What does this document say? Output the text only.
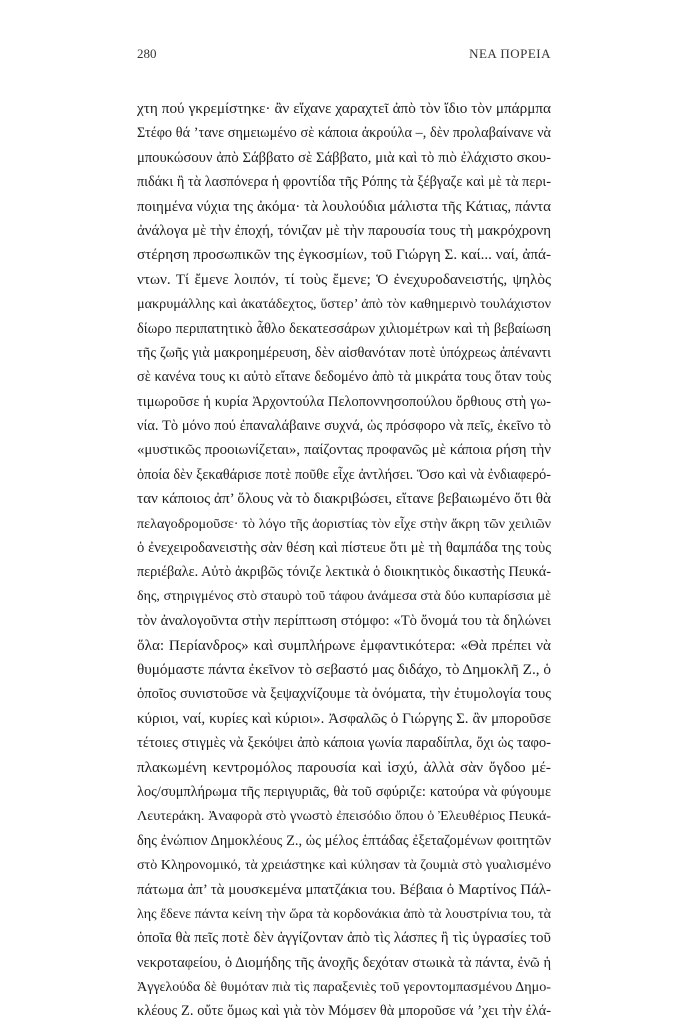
280	ΝΕΑ ΠΟΡΕΙΑ
χτη πού γκρεμίστηκε· ἂν εἴχανε χαραχτεῖ ἀπὸ τὸν ἴδιο τὸν μπάρμπα
Στέφο θά ’τανε σημειωμένο σὲ κάποια ἀκρούλα –, δὲν προλαβαίνανε νὰ
μπουκώσουν ἀπὸ Σάββατο σὲ Σάββατο, μιὰ καὶ τὸ πιὸ ἐλάχιστο σκου-
πιδάκι ἢ τὰ λασπόνερα ἡ φροντίδα τῆς Ρόπης τὰ ξέβγαζε καὶ μὲ τὰ περι-
ποιημένα νύχια της ἀκόμα· τὰ λουλούδια μάλιστα τῆς Κάτιας, πάντα
ἀνάλογα μὲ τὴν ἐποχή, τόνιζαν μὲ τὴν παρουσία τους τὴ μακρόχρονη
στέρηση προσωπικῶν της ἐγκοσμίων, τοῦ Γιώργη Σ. καί... ναί, ἀπά-
ντων. Τί ἔμενε λοιπόν, τί τοὺς ἔμενε; Ὁ ἐνεχυροδανειστής, ψηλὸς
μακρυμάλλης καὶ ἀκατάδεχτος, ὕστερ’ ἀπὸ τὸν καθημερινὸ τουλάχιστον
δίωρο περιπατητικὸ ἆθλο δεκατεσσάρων χιλιομέτρων καὶ τὴ βεβαίωση
τῆς ζωῆς γιὰ μακροημέρευση, δὲν αἰσθανόταν ποτὲ ὑπόχρεως ἀπέναντι
σὲ κανένα τους κι αὐτὸ εἴτανε δεδομένο ἀπὸ τὰ μικράτα τους ὅταν τοὺς
τιμωροῦσε ἡ κυρία Ἀρχοντούλα Πελοποννησοπούλου ὄρθιους στὴ γω-
νία. Τὸ μόνο πού ἐπαναλάβαινε συχνά, ὡς πρόσφορο νὰ πεῖς, ἐκεῖνο τὸ
«μυστικῶς προοιωνίζεται», παίζοντας προφανῶς μὲ κάποια ρήση τὴν
ὁποία δὲν ξεκαθάρισε ποτὲ ποῦθε εἶχε ἀντλήσει. Ὅσο καὶ νὰ ἐνδιαφερό-
ταν κάποιος ἀπ’ ὅλους νὰ τὸ διακριβώσει, εἴτανε βεβαιωμένο ὅτι θὰ
πελαγοδρομοῦσε· τὸ λόγο τῆς ἀοριστίας τὸν εἶχε στὴν ἄκρη τῶν χειλιῶν
ὁ ἐνεχειροδανειστὴς σὰν θέση καὶ πίστευε ὅτι μὲ τὴ θαμπάδα της τοὺς
περιέβαλε. Αὐτὸ ἀκριβῶς τόνιζε λεκτικὰ ὁ διοικητικὸς δικαστὴς Πευκά-
δης, στηριγμένος στὸ σταυρὸ τοῦ τάφου ἀνάμεσα στὰ δύο κυπαρίσσια μὲ
τὸν ἀναλογοῦντα στὴν περίπτωση στόμφο: «Τὸ ὄνομά του τὰ δηλώνει
ὅλα: Περίανδρος» καὶ συμπλήρωνε ἐμφαντικότερα: «Θὰ πρέπει νὰ
θυμόμαστε πάντα ἐκεῖνον τὸ σεβαστό μας διδάχο, τὸ Δημοκλῆ Ζ., ὁ
ὁποῖος συνιστοῦσε νὰ ξεψαχνίζουμε τὰ ὀνόματα, τὴν ἐτυμολογία τους
κύριοι, ναί, κυρίες καὶ κύριοι». Ἀσφαλῶς ὁ Γιώργης Σ. ἂν μποροῦσε
τέτοιες στιγμὲς νὰ ξεκόψει ἀπὸ κάποια γωνία παραδίπλα, ὄχι ὡς ταφο-
πλακωμένη κεντρομόλος παρουσία καὶ ἰσχύ, ἀλλὰ σὰν ὄγδοο μέ-
λος/συμπλήρωμα τῆς περιγυριᾶς, θὰ τοῦ σφύριζε: κατούρα νὰ φύγουμε
Λευτεράκη. Ἀναφορὰ στὸ γνωστὸ ἐπεισόδιο ὅπου ὁ Ἐλευθέριος Πευκά-
δης ἐνώπιον Δημοκλέους Ζ., ὡς μέλος ἑπτάδας ἐξεταζομένων φοιτητῶν
στὸ Κληρονομικό, τὰ χρειάστηκε καὶ κύλησαν τὰ ζουμιὰ στὸ γυαλισμένο
πάτωμα ἀπ’ τὰ μουσκεμένα μπατζάκια του. Βέβαια ὁ Μαρτίνος Πάλ-
λης ἔδενε πάντα κείνη τὴν ὥρα τὰ κορδονάκια ἀπὸ τὰ λουστρίνια του, τὰ
ὁποῖα θὰ πεῖς ποτὲ δὲν ἀγγίζονταν ἀπὸ τὶς λάσπες ἢ τὶς ὑγρασίες τοῦ
νεκροταφείου, ὁ Διομήδης τῆς ἀνοχῆς δεχόταν στωικὰ τὰ πάντα, ἐνῶ ἡ
Ἀγγελούδα δὲ θυμόταν πιὰ τὶς παραξενιὲς τοῦ γεροντομπασμένου Δημο-
κλέους Ζ. οὔτε ὅμως καὶ γιὰ τὸν Μόμσεν θὰ μποροῦσε νά ’χει τὴν ἐλά-
